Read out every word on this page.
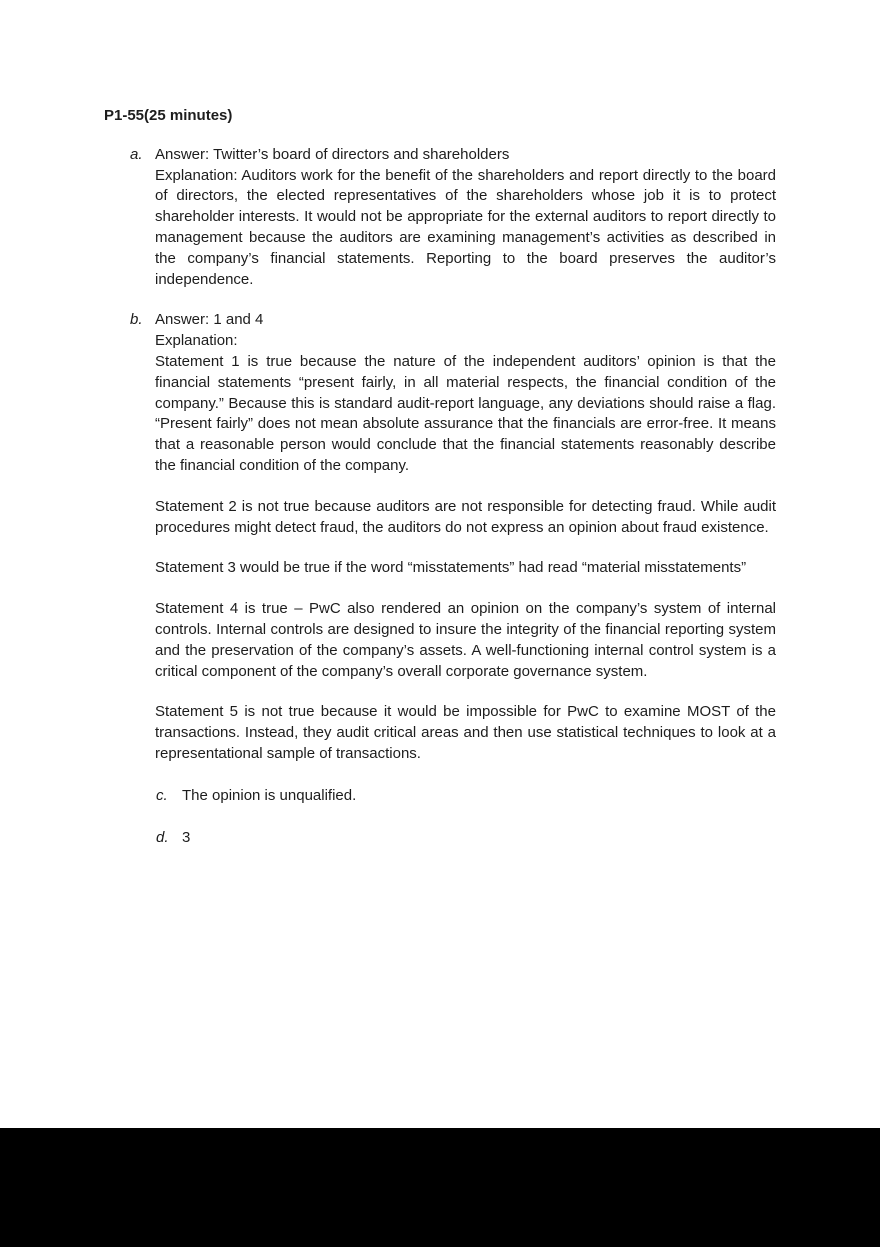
P1-55(25 minutes)
a. Answer: Twitter’s board of directors and shareholders

Explanation: Auditors work for the benefit of the shareholders and report directly to the board of directors, the elected representatives of the shareholders whose job it is to protect shareholder interests. It would not be appropriate for the external auditors to report directly to management because the auditors are examining management’s activities as described in the company’s financial statements. Reporting to the board preserves the auditor’s independence.

b. Answer: 1 and 4

Explanation:

Statement 1 is true because the nature of the independent auditors’ opinion is that the financial statements “present fairly, in all material respects, the financial condition of the company.” Because this is standard audit-report language, any deviations should raise a flag. “Present fairly” does not mean absolute assurance that the financials are error-free. It means that a reasonable person would conclude that the financial statements reasonably describe the financial condition of the company.

Statement 2 is not true because auditors are not responsible for detecting fraud. While audit procedures might detect fraud, the auditors do not express an opinion about fraud existence.

Statement 3 would be true if the word “misstatements” had read “material misstatements”

Statement 4 is true – PwC also rendered an opinion on the company’s system of internal controls. Internal controls are designed to insure the integrity of the financial reporting system and the preservation of the company’s assets. A well-functioning internal control system is a critical component of the company’s overall corporate governance system.

Statement 5 is not true because it would be impossible for PwC to examine MOST of the transactions. Instead, they audit critical areas and then use statistical techniques to look at a representational sample of transactions.

c. The opinion is unqualified.

d. 3
